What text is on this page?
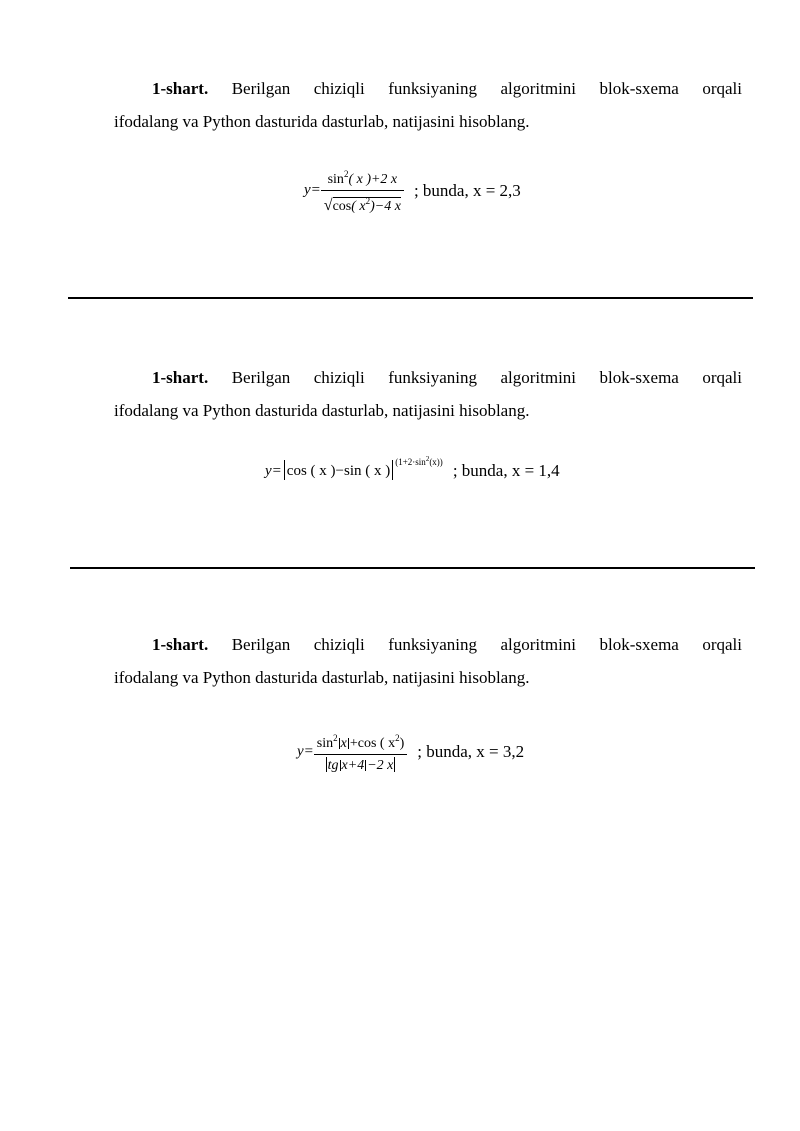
1-shart. Berilgan chiziqli funksiyaning algoritmini blok-sxema orqali
ifodalang va Python dasturida dasturlab, natijasini hisoblang.

$y= \frac{\sin^2( x )+2 x}{√\cos( x^2)-4 x}$ ; bunda, x = 2,3

1-shart. Berilgan chiziqli funksiyaning algoritmini blok-sxema orqali
ifodalang va Python dasturida dasturlab, natijasini hisoblang.

y= cos ( x )−sin ( x )$^{(1+2\cdot sin^2(x))}$ ; bunda, x = 1,4

1-shart. Berilgan chiziqli funksiyaning algoritmini blok-sxema orqali
ifodalang va Python dasturida dasturlab, natijasini hisoblang.

$y= \frac{\sin^2 x +\cos ( x^2)}{\text{tg x+4 −2 x}}$ ; bunda, x = 3,2
